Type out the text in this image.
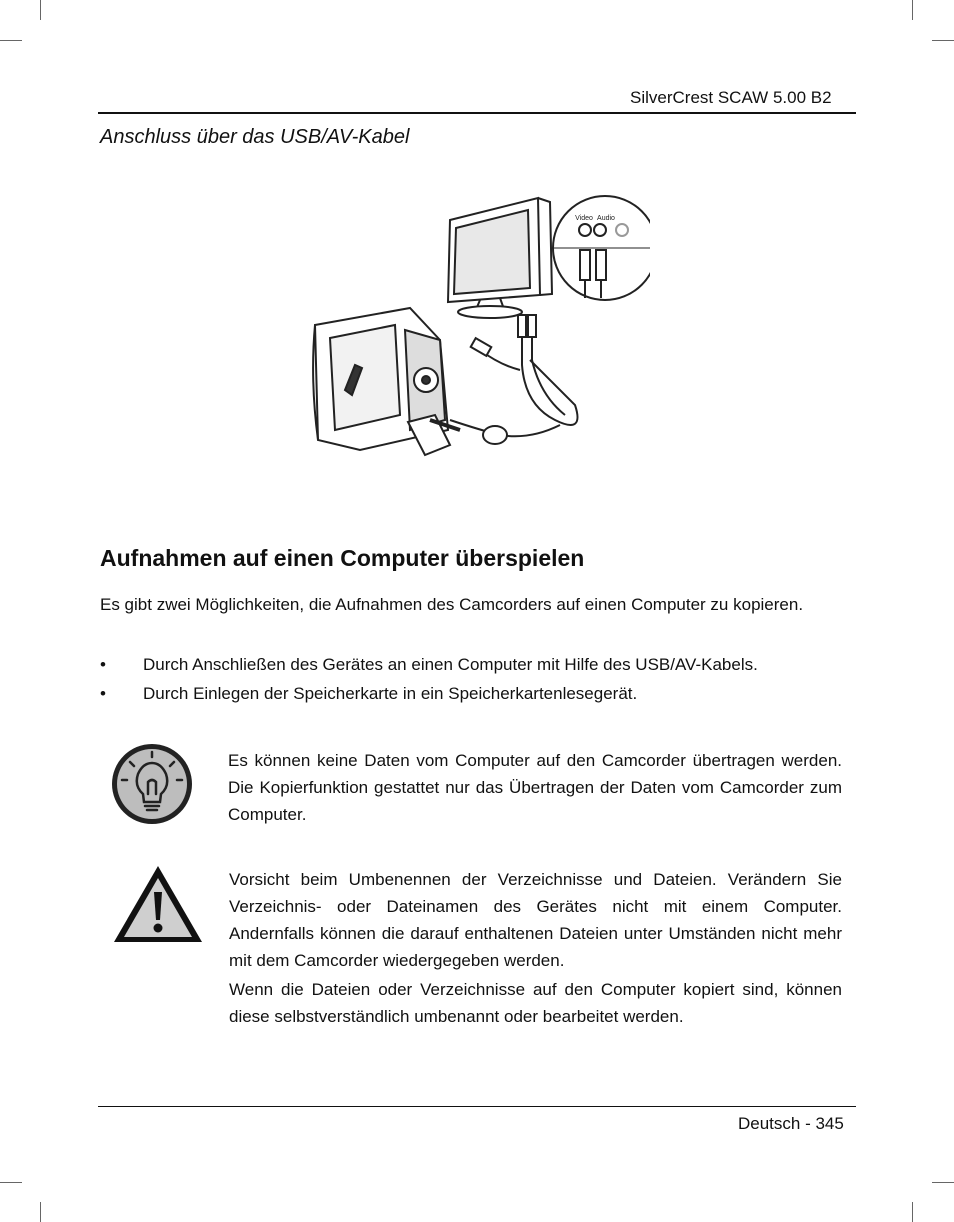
SilverCrest SCAW 5.00 B2
Anschluss über das USB/AV-Kabel
Video Audio
Aufnahmen auf einen Computer überspielen
Es gibt zwei Möglichkeiten, die Aufnahmen des Camcorders auf einen Computer zu kopieren.
• Durch Anschließen des Gerätes an einen Computer mit Hilfe des USB/AV-Kabels.
• Durch Einlegen der Speicherkarte in ein Speicherkartenlesegerät.
Es können keine Daten vom Computer auf den Camcorder übertragen werden. Die Kopierfunktion gestattet nur das Übertragen der Daten vom Camcorder zum Computer.
Vorsicht beim Umbenennen der Verzeichnisse und Dateien. Verändern Sie Verzeichnis- oder Dateinamen des Gerätes nicht mit einem Computer. Andernfalls können die darauf enthaltenen Dateien unter Umständen nicht mehr mit dem Camcorder wiedergegeben werden.
Wenn die Dateien oder Verzeichnisse auf den Computer kopiert sind, können diese selbstverständlich umbenannt oder bearbeitet werden.
Deutsch - 345
